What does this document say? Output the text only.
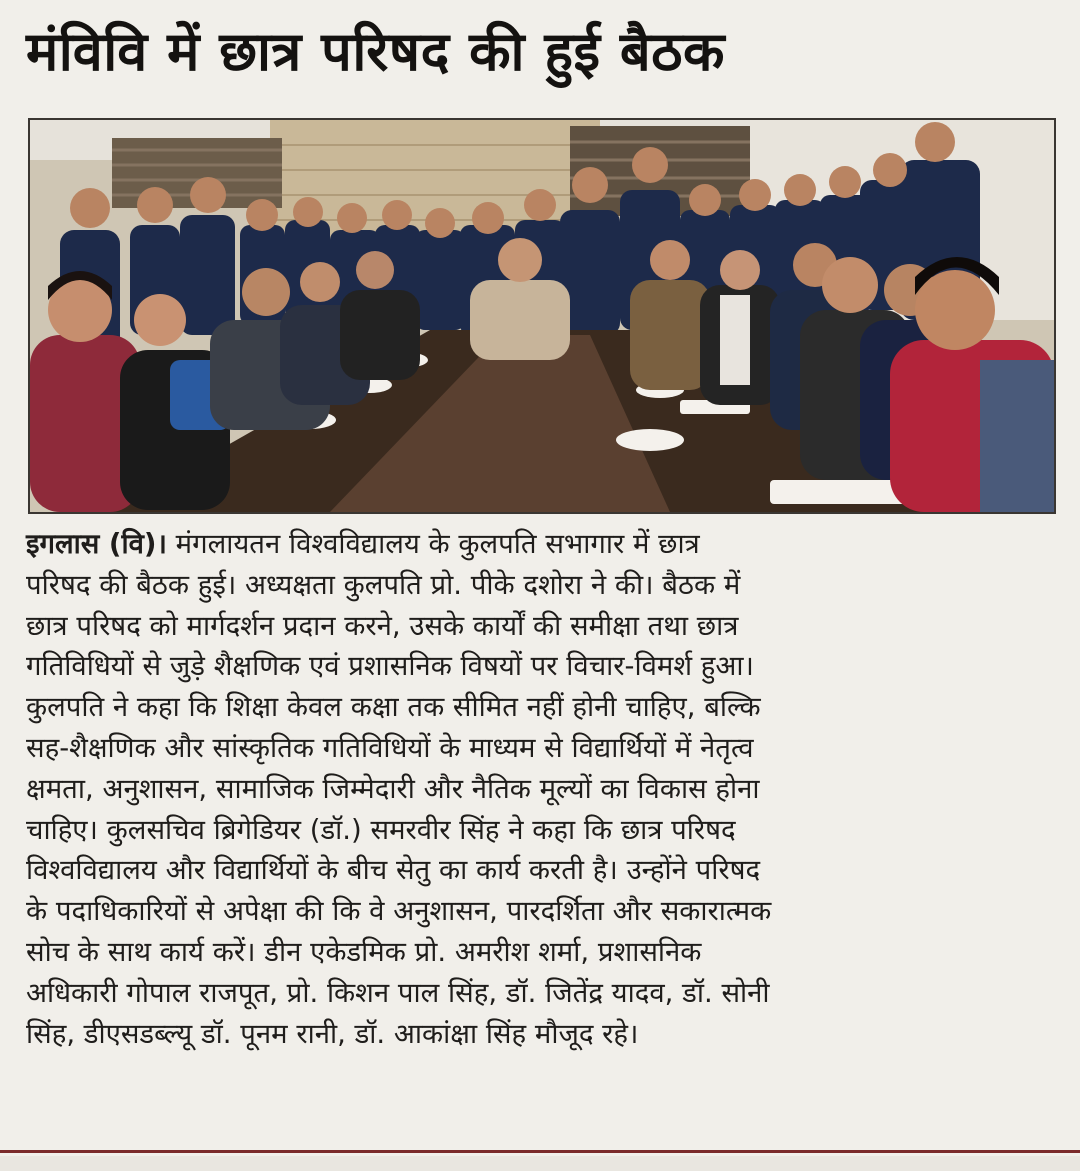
मंविवि में छात्र परिषद की हुई बैठक
इगलास (वि)। मंगलायतन विश्वविद्यालय के कुलपति सभागार में छात्र
परिषद की बैठक हुई। अध्यक्षता कुलपति प्रो. पीके दशोरा ने की। बैठक में
छात्र परिषद को मार्गदर्शन प्रदान करने, उसके कार्यों की समीक्षा तथा छात्र
गतिविधियों से जुड़े शैक्षणिक एवं प्रशासनिक विषयों पर विचार-विमर्श हुआ।
कुलपति ने कहा कि शिक्षा केवल कक्षा तक सीमित नहीं होनी चाहिए, बल्कि
सह-शैक्षणिक और सांस्कृतिक गतिविधियों के माध्यम से विद्यार्थियों में नेतृत्व
क्षमता, अनुशासन, सामाजिक जिम्मेदारी और नैतिक मूल्यों का विकास होना
चाहिए। कुलसचिव ब्रिगेडियर (डॉ.) समरवीर सिंह ने कहा कि छात्र परिषद
विश्वविद्यालय और विद्यार्थियों के बीच सेतु का कार्य करती है। उन्होंने परिषद
के पदाधिकारियों से अपेक्षा की कि वे अनुशासन, पारदर्शिता और सकारात्मक
सोच के साथ कार्य करें। डीन एकेडमिक प्रो. अमरीश शर्मा, प्रशासनिक
अधिकारी गोपाल राजपूत, प्रो. किशन पाल सिंह, डॉ. जितेंद्र यादव, डॉ. सोनी
सिंह, डीएसडब्ल्यू डॉ. पूनम रानी, डॉ. आकांक्षा सिंह मौजूद रहे।
